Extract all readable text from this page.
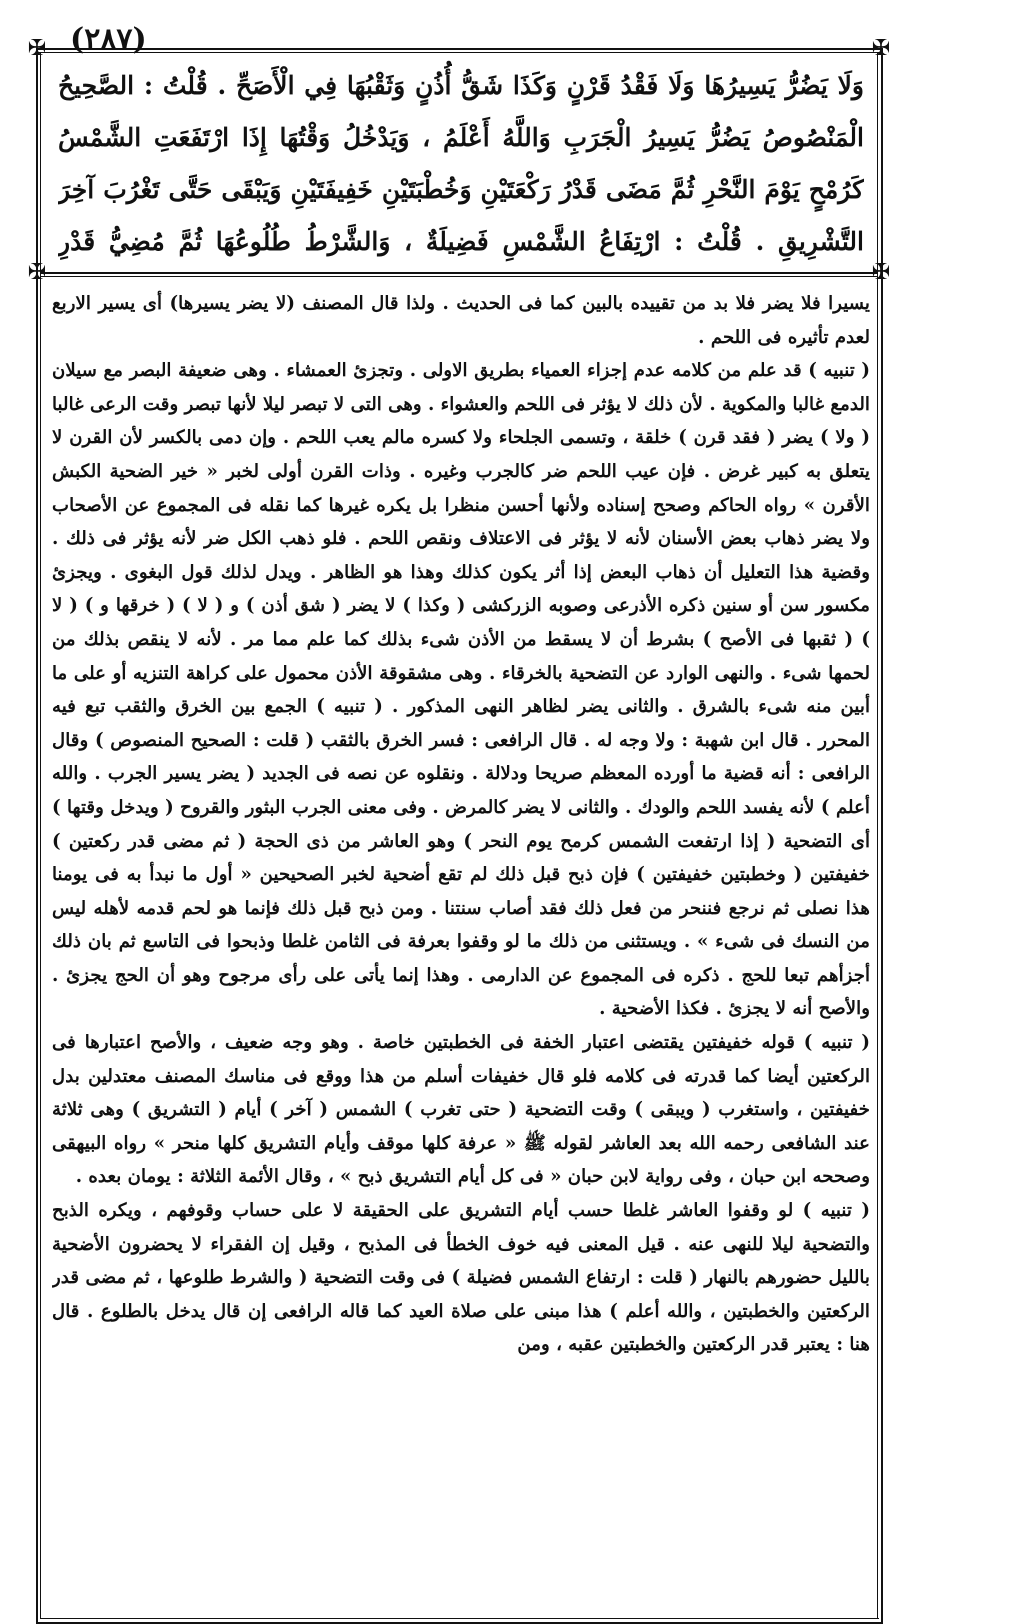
(٢٨٧)
✠	✠
✠	✠
وَلَا يَضُرُّ يَسِيرُهَا وَلَا فَقْدُ قَرْنٍ وَكَذَا شَقُّ أُذُنٍ وَثَقْبُهَا فِي الْأَصَحِّ . قُلْتُ : الصَّحِيحُ الْمَنْصُوصُ يَضُرُّ يَسِيرُ الْجَرَبِ وَاللَّهُ أَعْلَمُ ، وَيَدْخُلُ وَقْتُهَا إِذَا ارْتَفَعَتِ الشَّمْسُ كَرُمْحٍ يَوْمَ النَّحْرِ ثُمَّ مَضَى قَدْرُ رَكْعَتَيْنِ وَخُطْبَتَيْنِ خَفِيفَتَيْنِ وَيَبْقَى حَتَّى تَغْرُبَ آخِرَ التَّشْرِيقِ . قُلْتُ : ارْتِفَاعُ الشَّمْسِ فَضِيلَةٌ ، وَالشَّرْطُ طُلُوعُهَا ثُمَّ مُضِيُّ قَدْرِ

يسيرا فلا يضر فلا بد من تقييده بالبين كما فى الحديث . ولذا قال المصنف (لا يضر يسيرها) أى يسير الاربع لعدم تأثيره فى اللحم .

( تنبيه ) قد علم من كلامه عدم إجزاء العمياء بطريق الاولى . وتجزئ العمشاء . وهى ضعيفة البصر مع سيلان الدمع غالبا والمكوية . لأن ذلك لا يؤثر فى اللحم والعشواء . وهى التى لا تبصر ليلا لأنها تبصر وقت الرعى غالبا ( ولا ) يضر ( فقد قرن ) خلقة ، وتسمى الجلحاء ولا كسره مالم يعب اللحم . وإن دمى بالكسر لأن القرن لا يتعلق به كبير غرض . فإن عيب اللحم ضر كالجرب وغيره . وذات القرن أولى لخبر « خير الضحية الكبش الأقرن » رواه الحاكم وصحح إسناده ولأنها أحسن منظرا بل يكره غيرها كما نقله فى المجموع عن الأصحاب ولا يضر ذهاب بعض الأسنان لأنه لا يؤثر فى الاعتلاف ونقص اللحم . فلو ذهب الكل ضر لأنه يؤثر فى ذلك . وقضية هذا التعليل أن ذهاب البعض إذا أثر يكون كذلك وهذا هو الظاهر . ويدل لذلك قول البغوى . ويجزئ مكسور سن أو سنين ذكره الأذرعى وصوبه الزركشى ( وكذا ) لا يضر ( شق أذن ) و ( لا ) ( خرقها و ) ( لا ) ( ثقبها فى الأصح ) بشرط أن لا يسقط من الأذن شىء بذلك كما علم مما مر . لأنه لا ينقص بذلك من لحمها شىء . والنهى الوارد عن التضحية بالخرقاء . وهى مشقوقة الأذن محمول على كراهة التنزيه أو على ما أبين منه شىء بالشرق . والثانى يضر لظاهر النهى المذكور . ( تنبيه ) الجمع بين الخرق والثقب تبع فيه المحرر . قال ابن شهبة : ولا وجه له . قال الرافعى : فسر الخرق بالثقب ( قلت : الصحيح المنصوص ) وقال الرافعى : أنه قضية ما أورده المعظم صريحا ودلالة . ونقلوه عن نصه فى الجديد ( يضر يسير الجرب . والله أعلم ) لأنه يفسد اللحم والودك . والثانى لا يضر كالمرض . وفى معنى الجرب البثور والقروح ( ويدخل وقتها ) أى التضحية ( إذا ارتفعت الشمس كرمح يوم النحر ) وهو العاشر من ذى الحجة ( ثم مضى قدر ركعتين ) خفيفتين ( وخطبتين خفيفتين ) فإن ذبح قبل ذلك لم تقع أضحية لخبر الصحيحين « أول ما نبدأ به فى يومنا هذا نصلى ثم نرجع فننحر من فعل ذلك فقد أصاب سنتنا . ومن ذبح قبل ذلك فإنما هو لحم قدمه لأهله ليس من النسك فى شىء » . ويستثنى من ذلك ما لو وقفوا بعرفة فى الثامن غلطا وذبحوا فى التاسع ثم بان ذلك أجزأهم تبعا للحج . ذكره فى المجموع عن الدارمى . وهذا إنما يأتى على رأى مرجوح وهو أن الحج يجزئ . والأصح أنه لا يجزئ . فكذا الأضحية .

( تنبيه ) قوله خفيفتين يقتضى اعتبار الخفة فى الخطبتين خاصة . وهو وجه ضعيف ، والأصح اعتبارها فى الركعتين أيضا كما قدرته فى كلامه فلو قال خفيفات أسلم من هذا ووقع فى مناسك المصنف معتدلين بدل خفيفتين ، واستغرب ( ويبقى ) وقت التضحية ( حتى تغرب ) الشمس ( آخر ) أيام ( التشريق ) وهى ثلاثة عند الشافعى رحمه الله بعد العاشر لقوله ﷺ « عرفة كلها موقف وأيام التشريق كلها منحر » رواه البيهقى وصححه ابن حبان ، وفى رواية لابن حبان « فى كل أيام التشريق ذبح » ، وقال الأئمة الثلاثة : يومان بعده .

( تنبيه ) لو وقفوا العاشر غلطا حسب أيام التشريق على الحقيقة لا على حساب وقوفهم ، ويكره الذبح والتضحية ليلا للنهى عنه . قيل المعنى فيه خوف الخطأ فى المذبح ، وقيل إن الفقراء لا يحضرون الأضحية بالليل حضورهم بالنهار ( قلت : ارتفاع الشمس فضيلة ) فى وقت التضحية ( والشرط طلوعها ، ثم مضى قدر الركعتين والخطبتين ، والله أعلم ) هذا مبنى على صلاة العيد كما قاله الرافعى إن قال يدخل بالطلوع . قال هنا : يعتبر قدر الركعتين والخطبتين عقبه ، ومن
